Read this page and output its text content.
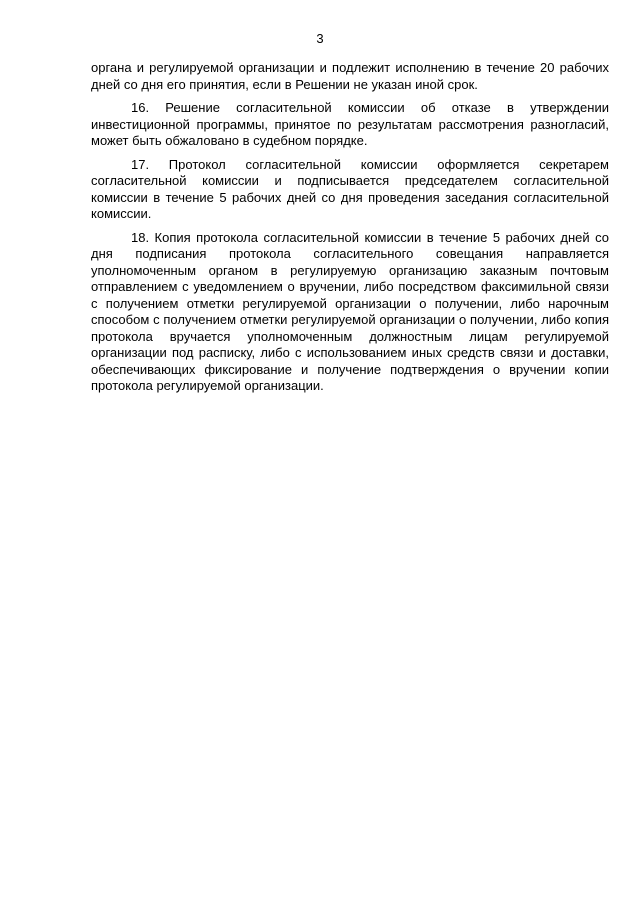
3

органа и регулируемой организации и подлежит исполнению в течение 20 рабочих дней со дня его принятия, если в Решении не указан иной срок.

16. Решение согласительной комиссии об отказе в утверждении инвестиционной программы, принятое по результатам рассмотрения разногласий, может быть обжаловано в судебном порядке.

17. Протокол согласительной комиссии оформляется секретарем согласительной комиссии и подписывается председателем согласительной комиссии в течение 5 рабочих дней со дня проведения заседания согласительной комиссии.

18. Копия протокола согласительной комиссии в течение 5 рабочих дней со дня подписания протокола согласительного совещания направляется уполномоченным органом в регулируемую организацию заказным почтовым отправлением с уведомлением о вручении, либо посредством факсимильной связи с получением отметки регулируемой организации о получении, либо нарочным способом с получением отметки регулируемой организации о получении, либо копия протокола вручается уполномоченным должностным лицам регулируемой организации под расписку, либо с использованием иных средств связи и доставки, обеспечивающих фиксирование и получение подтверждения о вручении копии протокола регулируемой организации.
